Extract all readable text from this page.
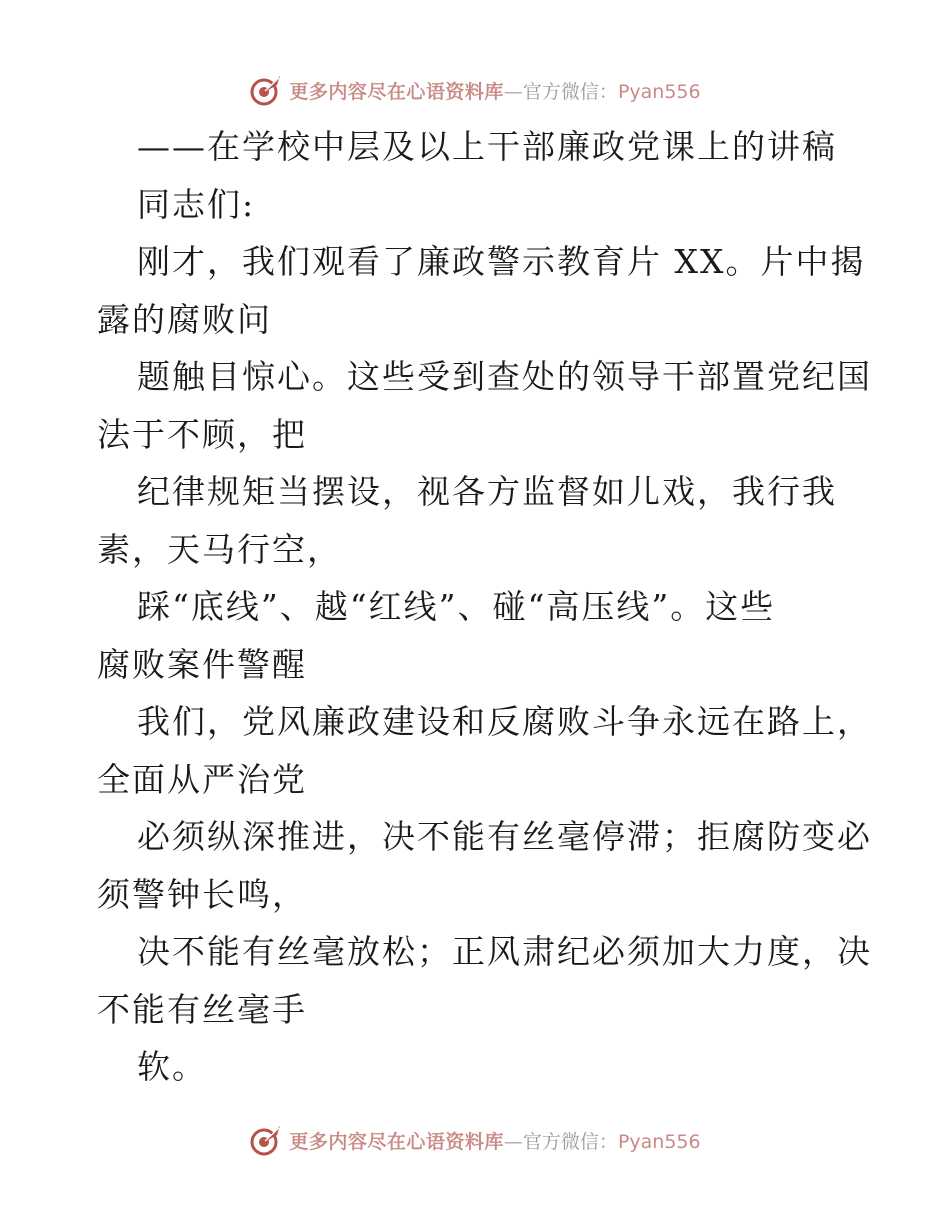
更多内容尽在心语资料库—官方微信：Pyan556
——在学校中层及以上干部廉政党课上的讲稿
同志们:
刚才，我们观看了廉政警示教育片 XX。片中揭
露的腐败问
题触目惊心。这些受到查处的领导干部置党纪国
法于不顾，把
纪律规矩当摆设，视各方监督如儿戏，我行我
素，天马行空，
踩“底线”、越“红线”、碰“高压线”。这些
腐败案件警醒
我们，党风廉政建设和反腐败斗争永远在路上，
全面从严治党
必须纵深推进，决不能有丝毫停滞；拒腐防变必
须警钟长鸣，
决不能有丝毫放松；正风肃纪必须加大力度，决
不能有丝毫手
软。
更多内容尽在心语资料库—官方微信：Pyan556
